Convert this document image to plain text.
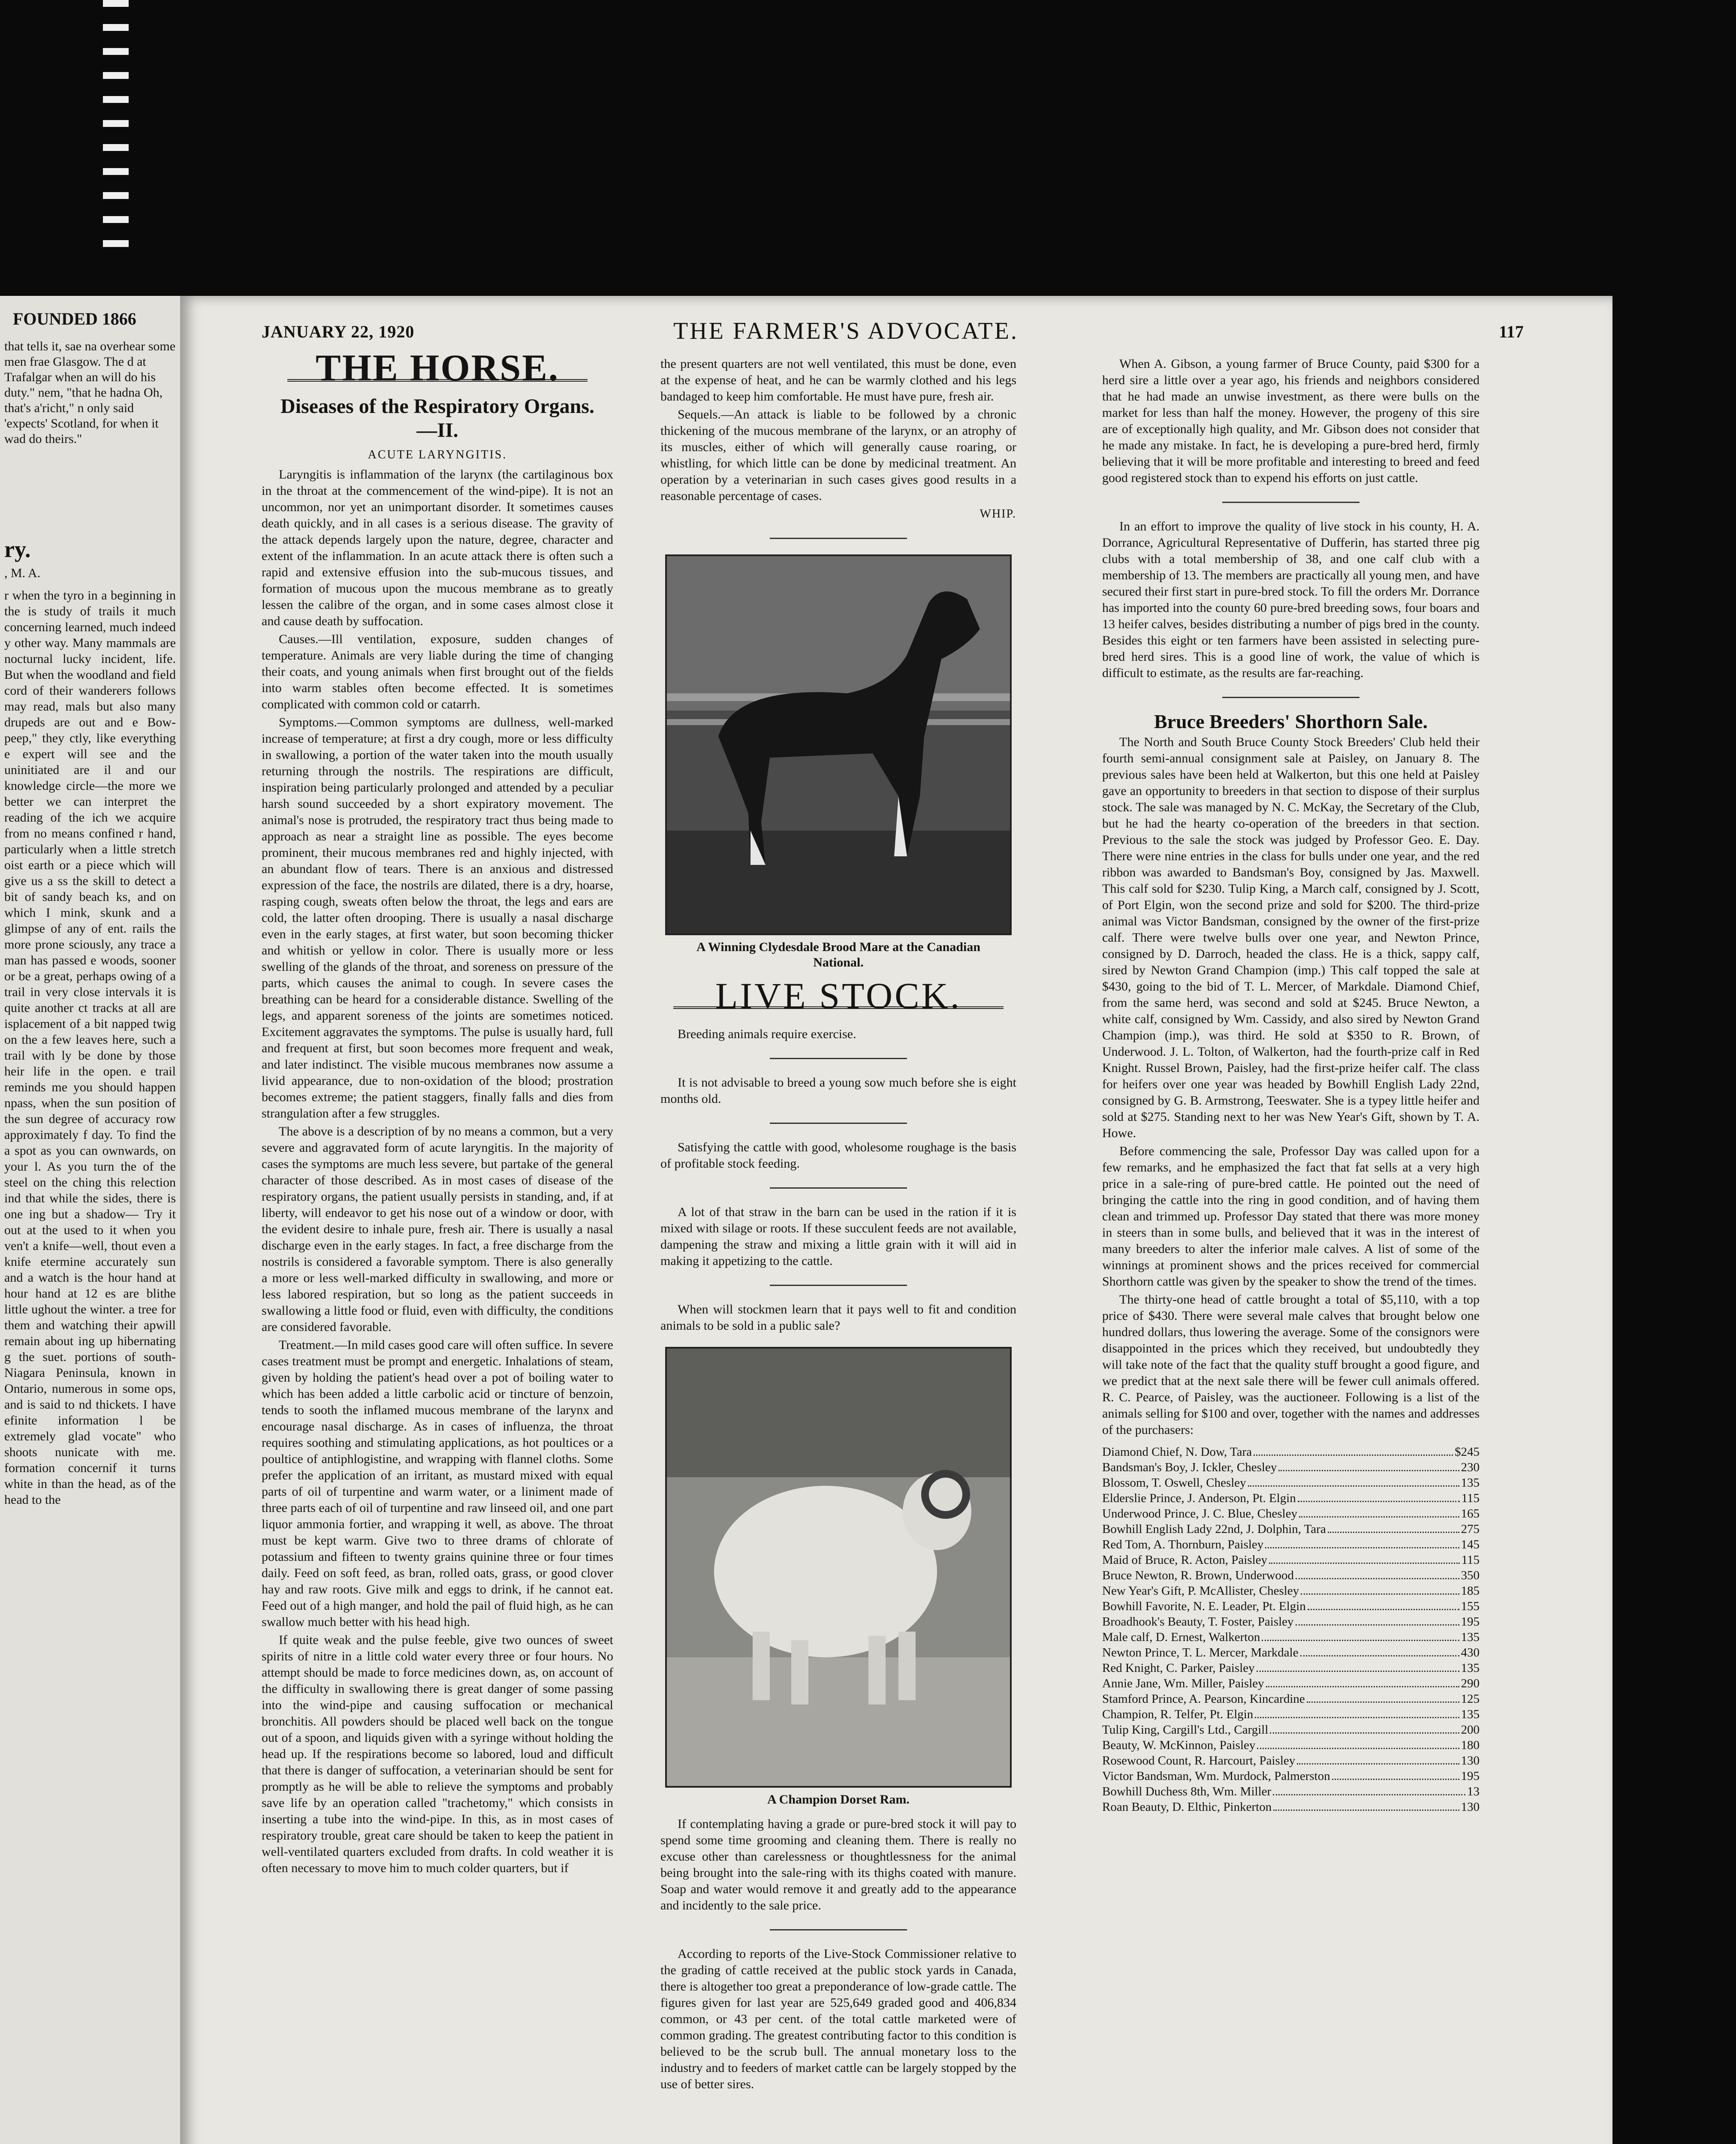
FOUNDED 1866
that tells it, sae na overhear some men frae Glasgow. The d at Trafalgar when an will do his duty." nem, "that he hadna Oh, that's a'richt," n only said 'expects' Scotland, for when it wad do theirs."
ry.
, M. A.
r when the tyro in a beginning in the is study of trails it much concerning learned, much indeed y other way. Many mammals are nocturnal lucky incident, life. But when the woodland and field cord of their wanderers follows may read, mals but also many drupeds are out and e Bow-peep," they ctly, like everything e expert will see and the uninitiated are il and our knowledge circle—the more we better we can interpret the reading of the ich we acquire from no means confined r hand, particularly when a little stretch oist earth or a piece which will give us a ss the skill to detect a bit of sandy beach ks, and on which I mink, skunk and a glimpse of any of ent. rails the more prone sciously, any trace a man has passed e woods, sooner or be a great, perhaps owing of a trail in very close intervals it is quite another ct tracks at all are isplacement of a bit napped twig on the a few leaves here, such a trail with ly be done by those heir life in the open. e trail reminds me you should happen npass, when the sun position of the sun degree of accuracy row approximately f day. To find the a spot as you can ownwards, on your l. As you turn the of the steel on the ching this relection ind that while the sides, there is one ing but a shadow— Try it out at the used to it when you ven't a knife—well, thout even a knife etermine accurately sun and a watch is the hour hand at hour hand at 12 es are blithe little ughout the winter. a tree for them and watching their apwill remain about ing up hibernating g the suet. portions of south- Niagara Peninsula, known in Ontario, numerous in some ops, and is said to nd thickets. I have efinite information l be extremely glad vocate" who shoots nunicate with me. formation concernif it turns white in than the head, as of the head to the
JANUARY 22, 1920	THE FARMER'S ADVOCATE.	117
THE HORSE.
Diseases of the Respiratory Organs.—II.
ACUTE LARYNGITIS.

Laryngitis is inflammation of the larynx (the cartilaginous box in the throat at the commencement of the wind-pipe). It is not an uncommon, nor yet an unimportant disorder. It sometimes causes death quickly, and in all cases is a serious disease. The gravity of the attack depends largely upon the nature, degree, character and extent of the inflammation. In an acute attack there is often such a rapid and extensive effusion into the sub-mucous tissues, and formation of mucous upon the mucous membrane as to greatly lessen the calibre of the organ, and in some cases almost close it and cause death by suffocation.

Causes.—Ill ventilation, exposure, sudden changes of temperature. Animals are very liable during the time of changing their coats, and young animals when first brought out of the fields into warm stables often become effected. It is sometimes complicated with common cold or catarrh.

Symptoms.—Common symptoms are dullness, well-marked increase of temperature; at first a dry cough, more or less difficulty in swallowing, a portion of the water taken into the mouth usually returning through the nostrils. The respirations are difficult, inspiration being particularly prolonged and attended by a peculiar harsh sound succeeded by a short expiratory movement. The animal's nose is protruded, the respiratory tract thus being made to approach as near a straight line as possible. The eyes become prominent, their mucous membranes red and highly injected, with an abundant flow of tears. There is an anxious and distressed expression of the face, the nostrils are dilated, there is a dry, hoarse, rasping cough, sweats often below the throat, the legs and ears are cold, the latter often drooping. There is usually a nasal discharge even in the early stages, at first water, but soon becoming thicker and whitish or yellow in color. There is usually more or less swelling of the glands of the throat, and soreness on pressure of the parts, which causes the animal to cough. In severe cases the breathing can be heard for a considerable distance. Swelling of the legs, and apparent soreness of the joints are sometimes noticed. Excitement aggravates the symptoms. The pulse is usually hard, full and frequent at first, but soon becomes more frequent and weak, and later indistinct. The visible mucous membranes now assume a livid appearance, due to non-oxidation of the blood; prostration becomes extreme; the patient staggers, finally falls and dies from strangulation after a few struggles.

The above is a description of by no means a common, but a very severe and aggravated form of acute laryngitis. In the majority of cases the symptoms are much less severe, but partake of the general character of those described. As in most cases of disease of the respiratory organs, the patient usually persists in standing, and, if at liberty, will endeavor to get his nose out of a window or door, with the evident desire to inhale pure, fresh air. There is usually a nasal discharge even in the early stages. In fact, a free discharge from the nostrils is considered a favorable symptom. There is also generally a more or less well-marked difficulty in swallowing, and more or less labored respiration, but so long as the patient succeeds in swallowing a little food or fluid, even with difficulty, the conditions are considered favorable.

Treatment.—In mild cases good care will often suffice. In severe cases treatment must be prompt and energetic. Inhalations of steam, given by holding the patient's head over a pot of boiling water to which has been added a little carbolic acid or tincture of benzoin, tends to sooth the inflamed mucous membrane of the larynx and encourage nasal discharge. As in cases of influenza, the throat requires soothing and stimulating applications, as hot poultices or a poultice of antiphlogistine, and wrapping with flannel cloths. Some prefer the application of an irritant, as mustard mixed with equal parts of oil of turpentine and warm water, or a liniment made of three parts each of oil of turpentine and raw linseed oil, and one part liquor ammonia fortier, and wrapping it well, as above. The throat must be kept warm. Give two to three drams of chlorate of potassium and fifteen to twenty grains quinine three or four times daily. Feed on soft feed, as bran, rolled oats, grass, or good clover hay and raw roots. Give milk and eggs to drink, if he cannot eat. Feed out of a high manger, and hold the pail of fluid high, as he can swallow much better with his head high.

If quite weak and the pulse feeble, give two ounces of sweet spirits of nitre in a little cold water every three or four hours. No attempt should be made to force medicines down, as, on account of the difficulty in swallowing there is great danger of some passing into the wind-pipe and causing suffocation or mechanical bronchitis. All powders should be placed well back on the tongue out of a spoon, and liquids given with a syringe without holding the head up. If the respirations become so labored, loud and difficult that there is danger of suffocation, a veterinarian should be sent for promptly as he will be able to relieve the symptoms and probably save life by an operation called "trachetomy," which consists in inserting a tube into the wind-pipe. In this, as in most cases of respiratory trouble, great care should be taken to keep the patient in well-ventilated quarters excluded from drafts. In cold weather it is often necessary to move him to much colder quarters, but if

the present quarters are not well ventilated, this must be done, even at the expense of heat, and he can be warmly clothed and his legs bandaged to keep him comfortable. He must have pure, fresh air.

Sequels.—An attack is liable to be followed by a chronic thickening of the mucous membrane of the larynx, or an atrophy of its muscles, either of which will generally cause roaring, or whistling, for which little can be done by medicinal treatment. An operation by a veterinarian in such cases gives good results in a reasonable percentage of cases.

WHIP.
A Winning Clydesdale Brood Mare at the Canadian National.
LIVE STOCK.

Breeding animals require exercise.

It is not advisable to breed a young sow much before she is eight months old.

Satisfying the cattle with good, wholesome roughage is the basis of profitable stock feeding.

A lot of that straw in the barn can be used in the ration if it is mixed with silage or roots. If these succulent feeds are not available, dampening the straw and mixing a little grain with it will aid in making it appetizing to the cattle.

When will stockmen learn that it pays well to fit and condition animals to be sold in a public sale?

A Champion Dorset Ram.

If contemplating having a grade or pure-bred stock it will pay to spend some time grooming and cleaning them. There is really no excuse other than carelessness or thoughtlessness for the animal being brought into the sale-ring with its thighs coated with manure. Soap and water would remove it and greatly add to the appearance and incidently to the sale price.

According to reports of the Live-Stock Commissioner relative to the grading of cattle received at the public stock yards in Canada, there is altogether too great a preponderance of low-grade cattle. The figures given for last year are 525,649 graded good and 406,834 common, or 43 per cent. of the total cattle marketed were of common grading. The greatest contributing factor to this condition is believed to be the scrub bull. The annual monetary loss to the industry and to feeders of market cattle can be largely stopped by the use of better sires.

When A. Gibson, a young farmer of Bruce County, paid $300 for a herd sire a little over a year ago, his friends and neighbors considered that he had made an unwise investment, as there were bulls on the market for less than half the money. However, the progeny of this sire are of exceptionally high quality, and Mr. Gibson does not consider that he made any mistake. In fact, he is developing a pure-bred herd, firmly believing that it will be more profitable and interesting to breed and feed good registered stock than to expend his efforts on just cattle.

In an effort to improve the quality of live stock in his county, H. A. Dorrance, Agricultural Representative of Dufferin, has started three pig clubs with a total membership of 38, and one calf club with a membership of 13. The members are practically all young men, and have secured their first start in pure-bred stock. To fill the orders Mr. Dorrance has imported into the county 60 pure-bred breeding sows, four boars and 13 heifer calves, besides distributing a number of pigs bred in the county. Besides this eight or ten farmers have been assisted in selecting pure-bred herd sires. This is a good line of work, the value of which is difficult to estimate, as the results are far-reaching.

Bruce Breeders' Shorthorn Sale.

The North and South Bruce County Stock Breeders' Club held their fourth semi-annual consignment sale at Paisley, on January 8. The previous sales have been held at Walkerton, but this one held at Paisley gave an opportunity to breeders in that section to dispose of their surplus stock. The sale was managed by N. C. McKay, the Secretary of the Club, but he had the hearty co-operation of the breeders in that section. Previous to the sale the stock was judged by Professor Geo. E. Day. There were nine entries in the class for bulls under one year, and the red ribbon was awarded to Bandsman's Boy, consigned by Jas. Maxwell. This calf sold for $230. Tulip King, a March calf, consigned by J. Scott, of Port Elgin, won the second prize and sold for $200. The third-prize animal was Victor Bandsman, consigned by the owner of the first-prize calf. There were twelve bulls over one year, and Newton Prince, consigned by D. Darroch, headed the class. He is a thick, sappy calf, sired by Newton Grand Champion (imp.) This calf topped the sale at $430, going to the bid of T. L. Mercer, of Markdale. Diamond Chief, from the same herd, was second and sold at $245. Bruce Newton, a white calf, consigned by Wm. Cassidy, and also sired by Newton Grand Champion (imp.), was third. He sold at $350 to R. Brown, of Underwood. J. L. Tolton, of Walkerton, had the fourth-prize calf in Red Knight. Russel Brown, Paisley, had the first-prize heifer calf. The class for heifers over one year was headed by Bowhill English Lady 22nd, consigned by G. B. Armstrong, Teeswater. She is a typey little heifer and sold at $275. Standing next to her was New Year's Gift, shown by T. A. Howe.

Before commencing the sale, Professor Day was called upon for a few remarks, and he emphasized the fact that fat sells at a very high price in a sale-ring of pure-bred cattle. He pointed out the need of bringing the cattle into the ring in good condition, and of having them clean and trimmed up. Professor Day stated that there was more money in steers than in some bulls, and believed that it was in the interest of many breeders to alter the inferior male calves. A list of some of the winnings at prominent shows and the prices received for commercial Shorthorn cattle was given by the speaker to show the trend of the times.

The thirty-one head of cattle brought a total of $5,110, with a top price of $430. There were several male calves that brought below one hundred dollars, thus lowering the average. Some of the consignors were disappointed in the prices which they received, but undoubtedly they will take note of the fact that the quality stuff brought a good figure, and we predict that at the next sale there will be fewer cull animals offered. R. C. Pearce, of Paisley, was the auctioneer. Following is a list of the animals selling for $100 and over, together with the names and addresses of the purchasers:

Diamond Chief, N. Dow, Tara	$245
Bandsman's Boy, J. Ickler, Chesley	230
Blossom, T. Oswell, Chesley	135
Elderslie Prince, J. Anderson, Pt. Elgin	115
Underwood Prince, J. C. Blue, Chesley	165
Bowhill English Lady 22nd, J. Dolphin, Tara	275
Red Tom, A. Thornburn, Paisley	145
Maid of Bruce, R. Acton, Paisley	115
Bruce Newton, R. Brown, Underwood	350
New Year's Gift, P. McAllister, Chesley	185
Bowhill Favorite, N. E. Leader, Pt. Elgin	155
Broadhook's Beauty, T. Foster, Paisley	195
Male calf, D. Ernest, Walkerton	135
Newton Prince, T. L. Mercer, Markdale	430
Red Knight, C. Parker, Paisley	135
Annie Jane, Wm. Miller, Paisley	290
Stamford Prince, A. Pearson, Kincardine	125
Champion, R. Telfer, Pt. Elgin	135
Tulip King, Cargill's Ltd., Cargill	200
Beauty, W. McKinnon, Paisley	180
Rosewood Count, R. Harcourt, Paisley	130
Victor Bandsman, Wm. Murdock, Palmerston	195
Bowhill Duchess 8th, Wm. Miller	13
Roan Beauty, D. Elthic, Pinkerton	130
